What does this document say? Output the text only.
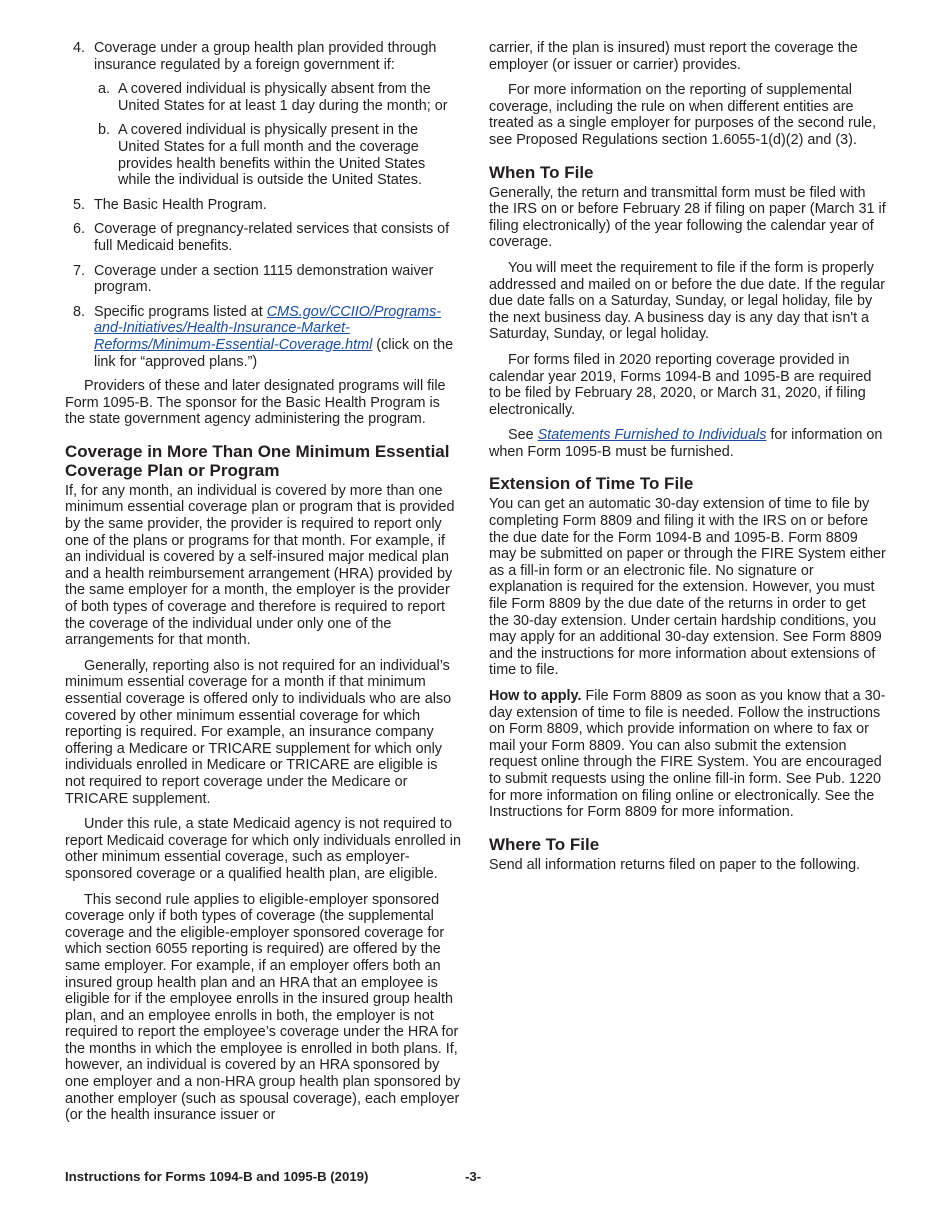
4. Coverage under a group health plan provided through insurance regulated by a foreign government if:
a. A covered individual is physically absent from the United States for at least 1 day during the month; or
b. A covered individual is physically present in the United States for a full month and the coverage provides health benefits within the United States while the individual is outside the United States.
5. The Basic Health Program.
6. Coverage of pregnancy-related services that consists of full Medicaid benefits.
7. Coverage under a section 1115 demonstration waiver program.
8. Specific programs listed at CMS.gov/CCIIO/Programs-and-Initiatives/Health-Insurance-Market-Reforms/Minimum-Essential-Coverage.html (click on the link for “approved plans.”)

Providers of these and later designated programs will file Form 1095-B. The sponsor for the Basic Health Program is the state government agency administering the program.

Coverage in More Than One Minimum Essential Coverage Plan or Program

If, for any month, an individual is covered by more than one minimum essential coverage plan or program that is provided by the same provider, the provider is required to report only one of the plans or programs for that month. For example, if an individual is covered by a self-insured major medical plan and a health reimbursement arrangement (HRA) provided by the same employer for a month, the employer is the provider of both types of coverage and therefore is required to report the coverage of the individual under only one of the arrangements for that month.

Generally, reporting also is not required for an individual’s minimum essential coverage for a month if that minimum essential coverage is offered only to individuals who are also covered by other minimum essential coverage for which reporting is required. For example, an insurance company offering a Medicare or TRICARE supplement for which only individuals enrolled in Medicare or TRICARE are eligible is not required to report coverage under the Medicare or TRICARE supplement.

Under this rule, a state Medicaid agency is not required to report Medicaid coverage for which only individuals enrolled in other minimum essential coverage, such as employer-sponsored coverage or a qualified health plan, are eligible.

This second rule applies to eligible-employer sponsored coverage only if both types of coverage (the supplemental coverage and the eligible-employer sponsored coverage for which section 6055 reporting is required) are offered by the same employer. For example, if an employer offers both an insured group health plan and an HRA that an employee is eligible for if the employee enrolls in the insured group health plan, and an employee enrolls in both, the employer is not required to report the employee’s coverage under the HRA for the months in which the employee is enrolled in both plans. If, however, an individual is covered by an HRA sponsored by one employer and a non-HRA group health plan sponsored by another employer (such as spousal coverage), each employer (or the health insurance issuer or

carrier, if the plan is insured) must report the coverage the employer (or issuer or carrier) provides.

For more information on the reporting of supplemental coverage, including the rule on when different entities are treated as a single employer for purposes of the second rule, see Proposed Regulations section 1.6055-1(d)(2) and (3).

When To File

Generally, the return and transmittal form must be filed with the IRS on or before February 28 if filing on paper (March 31 if filing electronically) of the year following the calendar year of coverage.

You will meet the requirement to file if the form is properly addressed and mailed on or before the due date. If the regular due date falls on a Saturday, Sunday, or legal holiday, file by the next business day. A business day is any day that isn't a Saturday, Sunday, or legal holiday.

For forms filed in 2020 reporting coverage provided in calendar year 2019, Forms 1094-B and 1095-B are required to be filed by February 28, 2020, or March 31, 2020, if filing electronically.

See Statements Furnished to Individuals for information on when Form 1095-B must be furnished.

Extension of Time To File

You can get an automatic 30-day extension of time to file by completing Form 8809 and filing it with the IRS on or before the due date for the Form 1094-B and 1095-B. Form 8809 may be submitted on paper or through the FIRE System either as a fill-in form or an electronic file. No signature or explanation is required for the extension. However, you must file Form 8809 by the due date of the returns in order to get the 30-day extension. Under certain hardship conditions, you may apply for an additional 30-day extension. See Form 8809 and the instructions for more information about extensions of time to file.

How to apply. File Form 8809 as soon as you know that a 30-day extension of time to file is needed. Follow the instructions on Form 8809, which provide information on where to fax or mail your Form 8809. You can also submit the extension request online through the FIRE System. You are encouraged to submit requests using the online fill-in form. See Pub. 1220 for more information on filing online or electronically. See the Instructions for Form 8809 for more information.

Where To File

Send all information returns filed on paper to the following.

Instructions for Forms 1094-B and 1095-B (2019)	-3-
